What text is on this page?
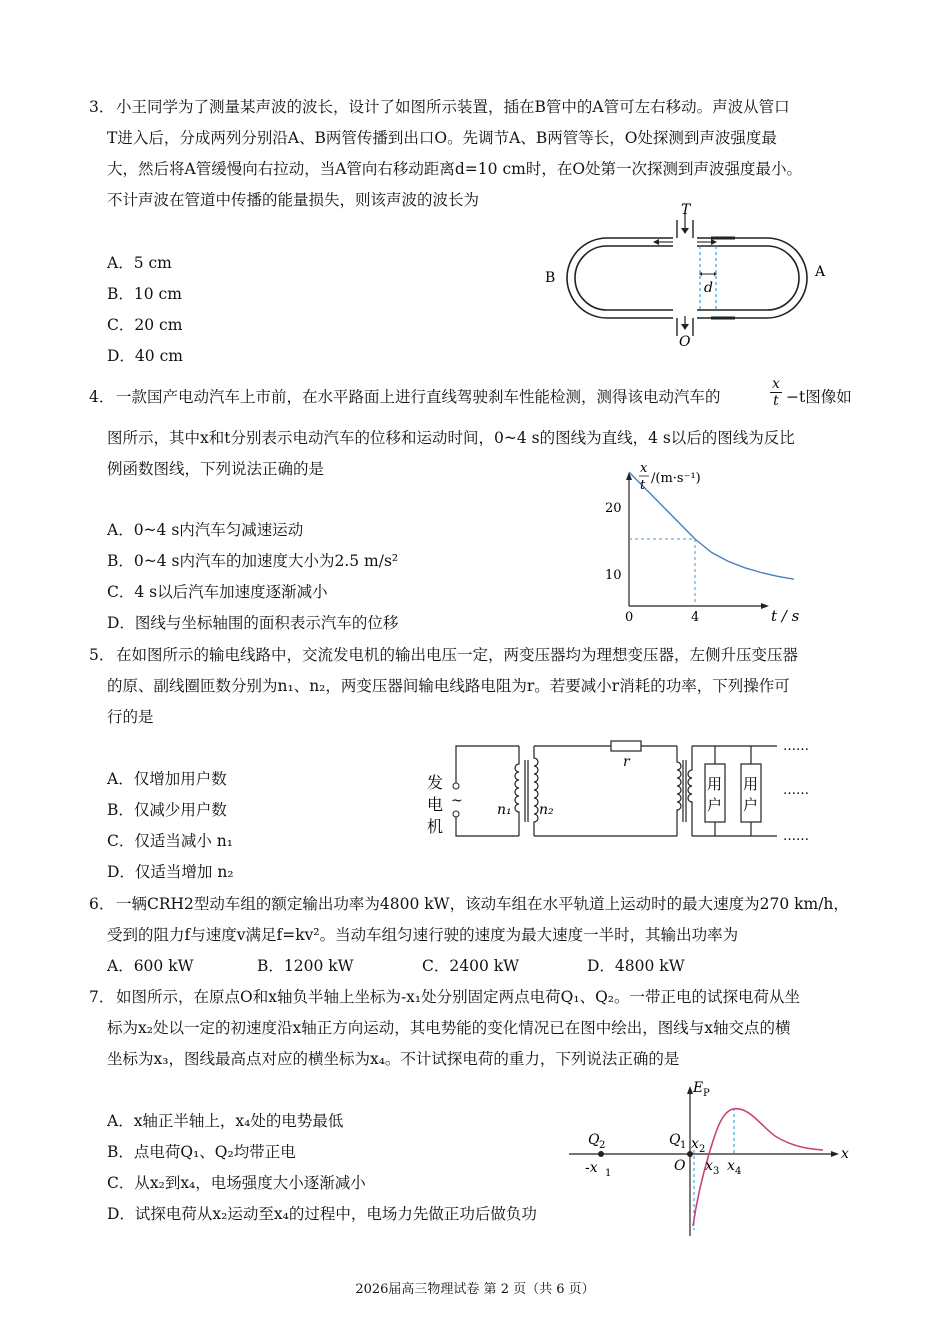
3． 小王同学为了测量某声波的波长，设计了如图所示装置，插在B管中的A管可左右移动。声波从管口
T进入后，分成两列分别沿A、B两管传播到出口O。先调节A、B两管等长，O处探测到声波强度最
大，然后将A管缓慢向右拉动，当A管向右移动距离d=10 cm时，在O处第一次探测到声波强度最小。
不计声波在管道中传播的能量损失，则该声波的波长为
A．5 cm
B．10 cm
C．20 cm
D．40 cm
T
O
A
B
d
4． 一款国产电动汽车上市前，在水平路面上进行直线驾驶刹车性能检测，测得该电动汽车的	$\frac{x}{t} -t$图像如
图所示，其中x和t分别表示电动汽车的位移和运动时间，0~4 s的图线为直线，4 s以后的图线为反比
例函数图线，下列说法正确的是
A．0~4 s内汽车匀减速运动
B．0~4 s内汽车的加速度大小为2.5 m/s²
C．4 s以后汽车加速度逐渐减小
D．图线与坐标轴围的面积表示汽车的位移
x
t /(m·s⁻¹)
20
10
0	4	t / s
5． 在如图所示的输电线路中，交流发电机的输出电压一定，两变压器均为理想变压器，左侧升压变压器
的原、副线圈匝数分别为n₁、n₂，两变压器间输电线路电阻为r。若要减小r消耗的功率，下列操作可
行的是
A．仅增加用户数
B．仅减少用户数
C．仅适当减小 n₁
D．仅适当增加 n₂
发
电
机
~
n₁ n₂
r
用
户
用
户
……
……
……
6． 一辆CRH2型动车组的额定输出功率为4800 kW，该动车组在水平轨道上运动时的最大速度为270 km/h，
受到的阻力f与速度v满足f=kv²。当动车组匀速行驶的速度为最大速度一半时，其输出功率为
A．600 kW	B．1200 kW	C．2400 kW	D．4800 kW
7． 如图所示，在原点O和x轴负半轴上坐标为-x₁处分别固定两点电荷Q₁、Q₂。一带正电的试探电荷从坐
标为x₂处以一定的初速度沿x轴正方向运动，其电势能的变化情况已在图中绘出，图线与x轴交点的横
坐标为x₃，图线最高点对应的横坐标为x₄。不计试探电荷的重力，下列说法正确的是
A．x轴正半轴上，x₄处的电势最低
B．点电荷Q₁、Q₂均带正电
C．从x₂到x₄，电场强度大小逐渐减小
D．试探电荷从x₂运动至x₄的过程中，电场力先做正功后做负功
E P
x
O
Q 1
Q 2
-x 1
x 2
x 3 x 4
2026届高三物理试卷 第 2 页（共 6 页）
